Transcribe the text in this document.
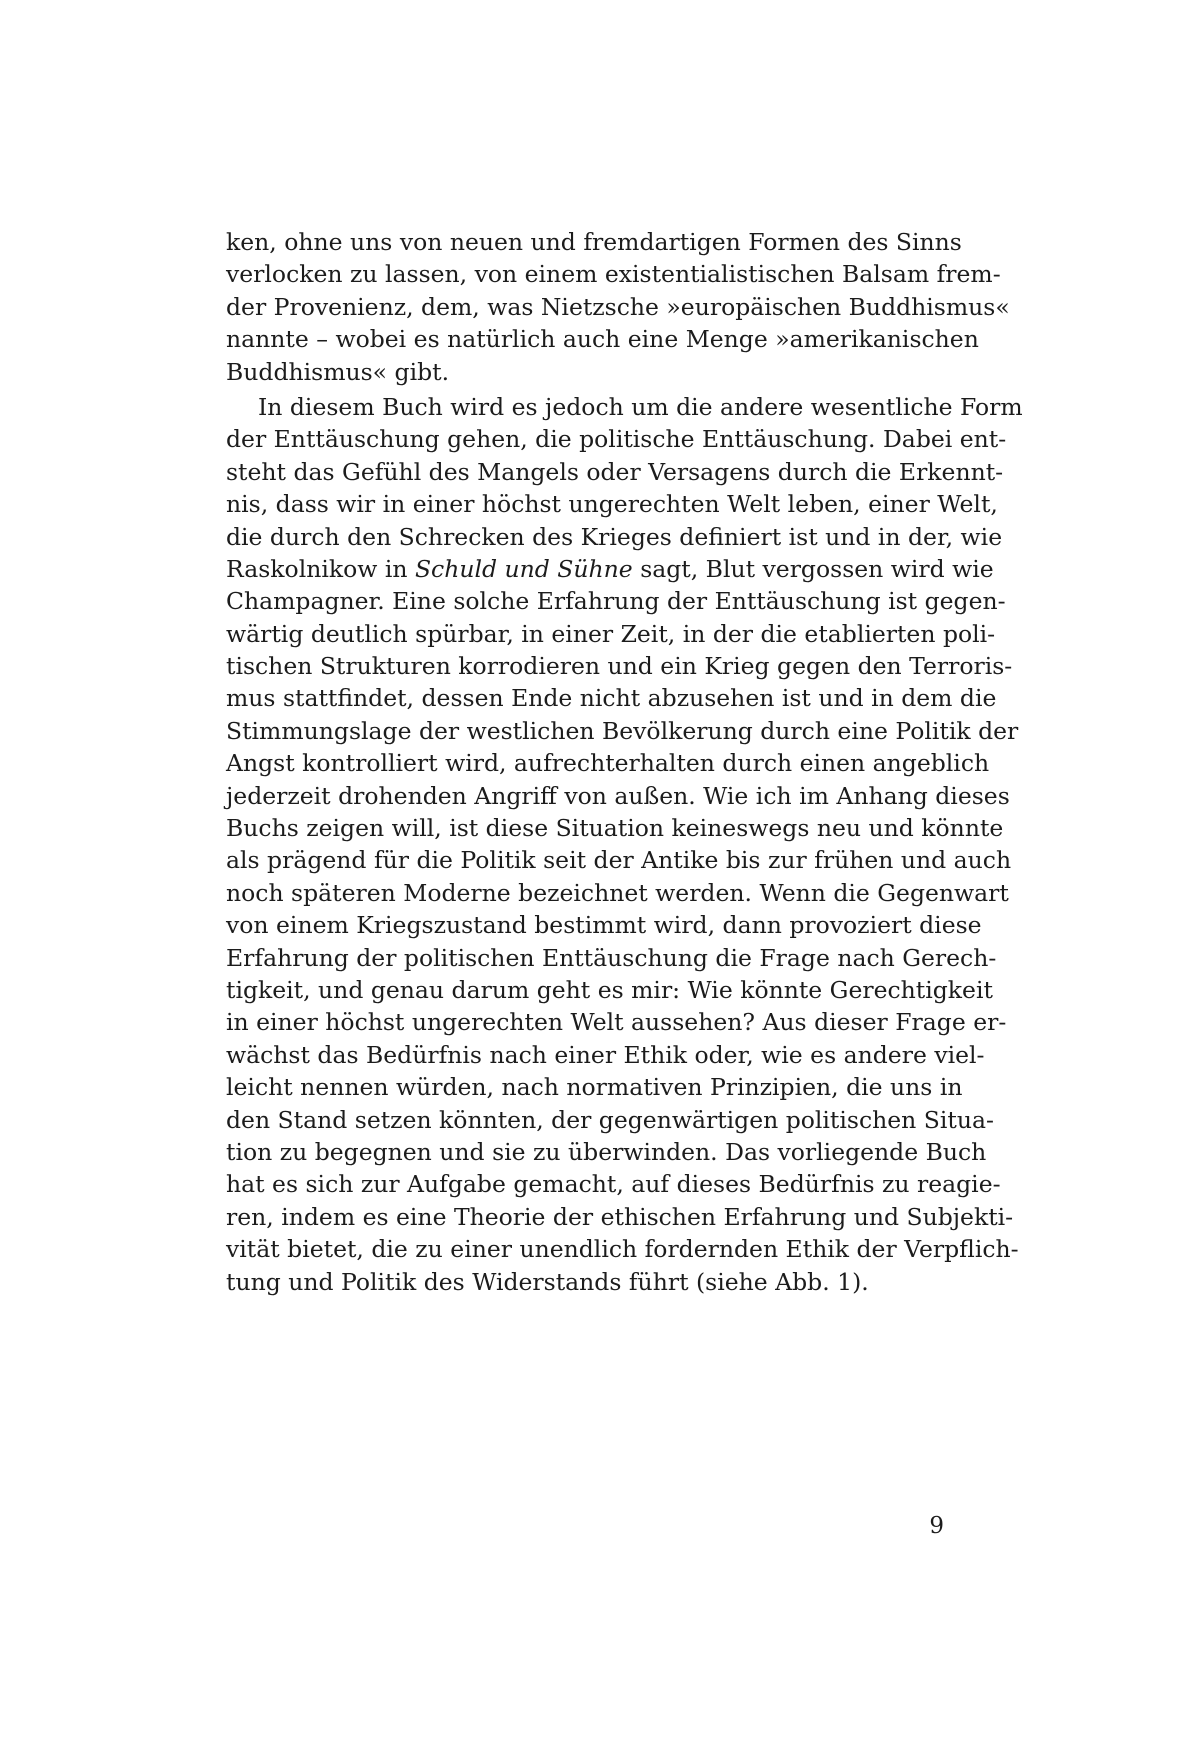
ken, ohne uns von neuen und fremdartigen Formen des Sinns
verlocken zu lassen, von einem existentialistischen Balsam frem-
der Provenienz, dem, was Nietzsche »europäischen Buddhismus«
nannte – wobei es natürlich auch eine Menge »amerikanischen
Buddhismus« gibt.
In diesem Buch wird es jedoch um die andere wesentliche Form
der Enttäuschung gehen, die politische Enttäuschung. Dabei ent-
steht das Gefühl des Mangels oder Versagens durch die Erkennt-
nis, dass wir in einer höchst ungerechten Welt leben, einer Welt,
die durch den Schrecken des Krieges definiert ist und in der, wie
Raskolnikow in Schuld und Sühne sagt, Blut vergossen wird wie
Champagner. Eine solche Erfahrung der Enttäuschung ist gegen-
wärtig deutlich spürbar, in einer Zeit, in der die etablierten poli-
tischen Strukturen korrodieren und ein Krieg gegen den Terroris-
mus stattfindet, dessen Ende nicht abzusehen ist und in dem die
Stimmungslage der westlichen Bevölkerung durch eine Politik der
Angst kontrolliert wird, aufrechterhalten durch einen angeblich
jederzeit drohenden Angriff von außen. Wie ich im Anhang dieses
Buchs zeigen will, ist diese Situation keineswegs neu und könnte
als prägend für die Politik seit der Antike bis zur frühen und auch
noch späteren Moderne bezeichnet werden. Wenn die Gegenwart
von einem Kriegszustand bestimmt wird, dann provoziert diese
Erfahrung der politischen Enttäuschung die Frage nach Gerech-
tigkeit, und genau darum geht es mir: Wie könnte Gerechtigkeit
in einer höchst ungerechten Welt aussehen? Aus dieser Frage er-
wächst das Bedürfnis nach einer Ethik oder, wie es andere viel-
leicht nennen würden, nach normativen Prinzipien, die uns in
den Stand setzen könnten, der gegenwärtigen politischen Situa-
tion zu begegnen und sie zu überwinden. Das vorliegende Buch
hat es sich zur Aufgabe gemacht, auf dieses Bedürfnis zu reagie-
ren, indem es eine Theorie der ethischen Erfahrung und Subjekti-
vität bietet, die zu einer unendlich fordernden Ethik der Verpflich-
tung und Politik des Widerstands führt (siehe Abb. 1).
9
